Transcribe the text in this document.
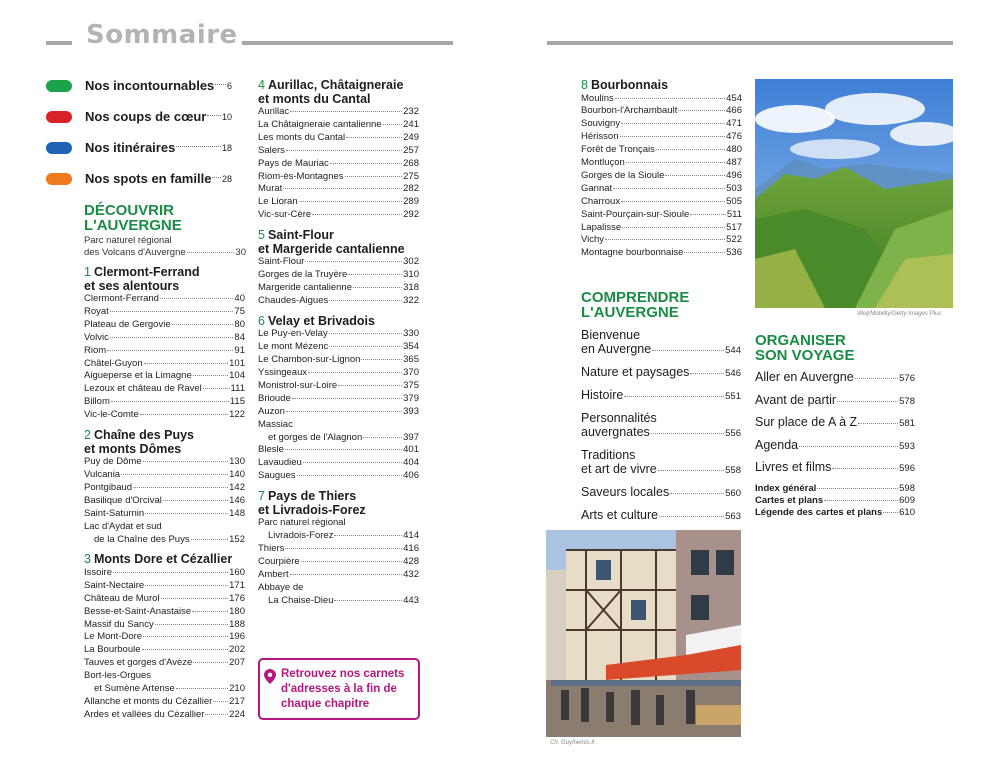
Sommaire
Nos incontournables 6
Nos coups de cœur 10
Nos itinéraires	18
Nos spots en famille 28
DÉCOUVRIR
L'AUVERGNE
Parc naturel régional
des Volcans d'Auvergne	30
1 Clermont-Ferrand
et ses alentours
Clermont-Ferrand	40
Royat	75
Plateau de Gergovie	80
Volvic	84
Riom	91
Châtel-Guyon	101
Aigueperse et la Limagne	104
Lezoux et château de Ravel	111
Billom	115
Vic-le-Comte	122
2 Chaîne des Puys
et monts Dômes
Puy de Dôme	130
Vulcania	140
Pontgibaud	142
Basilique d'Orcival	146
Saint-Saturnin	148
Lac d'Aydat et sud
de la Chaîne des Puys	152
3 Monts Dore et Cézallier
Issoire	160
Saint-Nectaire	171
Château de Murol	176
Besse-et-Saint-Anastaise	180
Massif du Sancy	188
Le Mont-Dore	196
La Bourboule	202
Tauves et gorges d'Avèze	207
Bort-les-Orgues
et Sumène Artense	210
Allanche et monts du Cézallier 217
Ardes et vallées du Cézallier	224
4 Aurillac, Châtaigneraie
et monts du Cantal
Aurillac	232
La Châtaigneraie cantalienne 241
Les monts du Cantal	249
Salers	257
Pays de Mauriac	268
Riom-ès-Montagnes	275
Murat	282
Le Lioran	289
Vic-sur-Cère	292
5 Saint-Flour
et Margeride cantalienne
Saint-Flour	302
Gorges de la Truyère	310
Margeride cantalienne	318
Chaudes-Aigues	322
6 Velay et Brivadois
Le Puy-en-Velay	330
Le mont Mézenc	354
Le Chambon-sur-Lignon	365
Yssingeaux	370
Monistrol-sur-Loire	375
Brioude	379
Auzon	393
Massiac
et gorges de l'Alagnon	397
Blesle	401
Lavaudieu	404
Saugues	406
7 Pays de Thiers
et Livradois-Forez
Parc naturel régional
Livradois-Forez	414
Thiers	416
Courpière	428
Ambert	432
Abbaye de
La Chaise-Dieu	443
8 Bourbonnais
Moulins	454
Bourbon-l'Archambault	466
Souvigny	471
Hérisson	476
Forêt de Tronçais	480
Montluçon	487
Gorges de la Sioule	496
Gannat	503
Charroux	505
Saint-Pourçain-sur-Sioule	511
Lapalisse	517
Vichy	522
Montagne bourbonnaise	536
Retrouvez nos carnets
d'adresses à la fin de
chaque chapitre
COMPRENDRE
L'AUVERGNE
Bienvenue
en Auvergne	544
Nature et paysages	546
Histoire	551
Personnalités
auvergnates	556
Traditions
et art de vivre	558
Saveurs locales	560
Arts et culture	563
ORGANISER
SON VOYAGE
Aller en Auvergne	576
Avant de partir	578
Sur place de A à Z	581
Agenda	593
Livres et films	596
Index général	598
Cartes et plans	609
Légende des cartes et plans 610
Welj/Mobility/Getty Images Plus
Ch. Guy/hemis.fr
